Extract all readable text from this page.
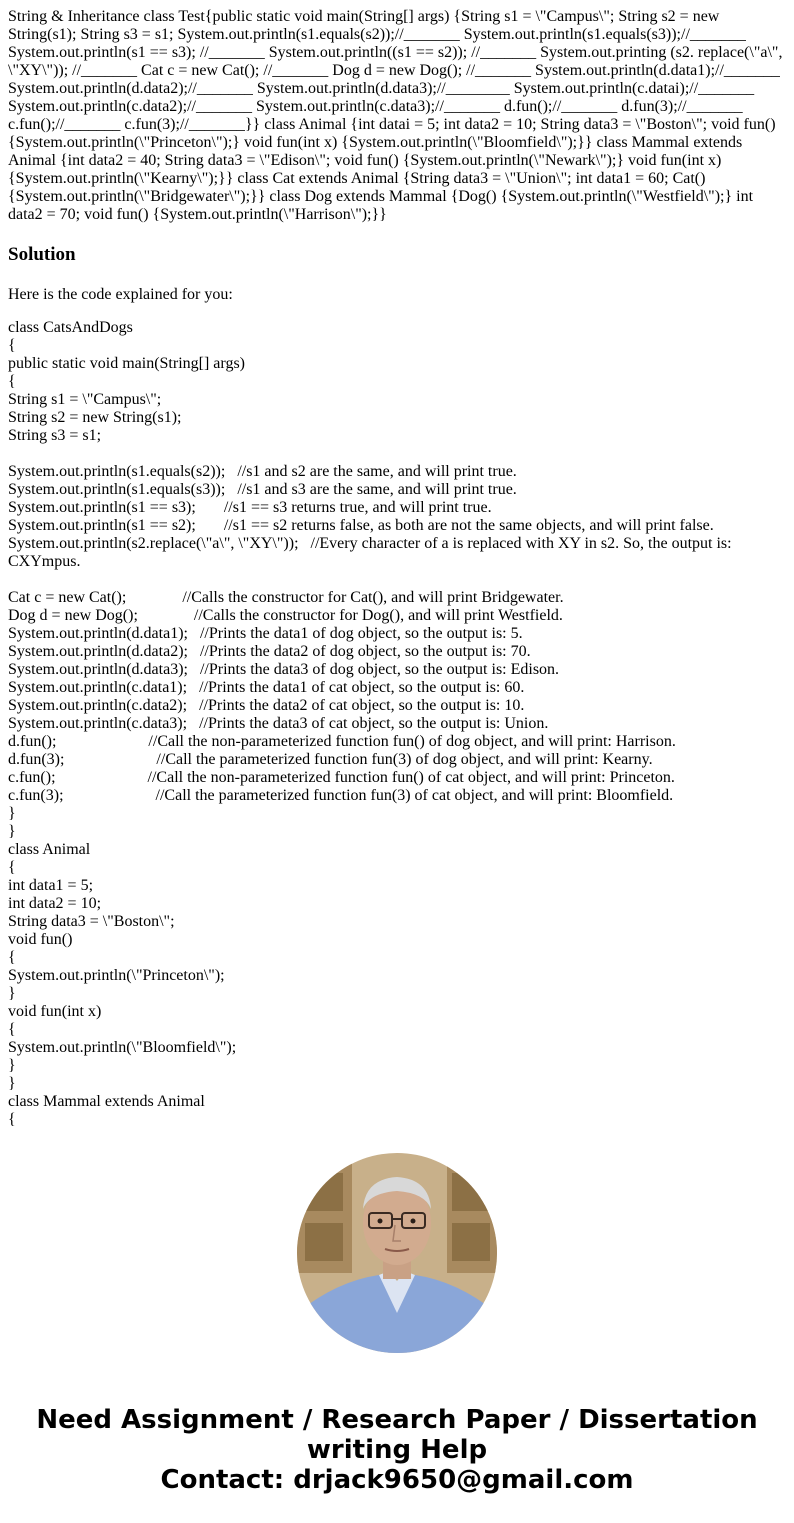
String & Inheritance class Test{public static void main(String[] args) {String s1 = \"Campus\"; String s2 = new String(s1); String s3 = s1; System.out.println(s1.equals(s2));//_______ System.out.println(s1.equals(s3));//_______ System.out.println(s1 == s3); //_______ System.out.println((s1 == s2)); //_______ System.out.printing (s2. replace(\"a\", \"XY\")); //_______ Cat c = new Cat(); //_______ Dog d = new Dog(); //_______ System.out.println(d.data1);//_______ System.out.println(d.data2);//_______ System.out.println(d.data3);//________ System.out.println(c.datai);//_______ System.out.println(c.data2);//_______ System.out.println(c.data3);//_______ d.fun();//_______ d.fun(3);//_______ c.fun();//_______ c.fun(3);//_______}} class Animal {int datai = 5; int data2 = 10; String data3 = \"Boston\"; void fun() {System.out.println(\"Princeton\");} void fun(int x) {System.out.println(\"Bloomfield\");}} class Mammal extends Animal {int data2 = 40; String data3 = \"Edison\"; void fun() {System.out.println(\"Newark\");} void fun(int x) {System.out.println(\"Kearny\");}} class Cat extends Animal {String data3 = \"Union\"; int data1 = 60; Cat() {System.out.println(\"Bridgewater\");}} class Dog extends Mammal {Dog() {System.out.println(\"Westfield\");} int data2 = 70; void fun() {System.out.println(\"Harrison\");}}
Solution
Here is the code explained for you:
class CatsAndDogs
{
public static void main(String[] args)
{
String s1 = \"Campus\";
String s2 = new String(s1);
String s3 = s1;
System.out.println(s1.equals(s2));   //s1 and s2 are the same, and will print true.
System.out.println(s1.equals(s3));   //s1 and s3 are the same, and will print true.
System.out.println(s1 == s3);       //s1 == s3 returns true, and will print true.
System.out.println(s1 == s2);       //s1 == s2 returns false, as both are not the same objects, and will print false.
System.out.println(s2.replace(\"a\", \"XY\"));   //Every character of a is replaced with XY in s2. So, the output is: CXYmpus.
Cat c = new Cat();              //Calls the constructor for Cat(), and will print Bridgewater.
Dog d = new Dog();              //Calls the constructor for Dog(), and will print Westfield.
System.out.println(d.data1);   //Prints the data1 of dog object, so the output is: 5.
System.out.println(d.data2);   //Prints the data2 of dog object, so the output is: 70.
System.out.println(d.data3);   //Prints the data3 of dog object, so the output is: Edison.
System.out.println(c.data1);   //Prints the data1 of cat object, so the output is: 60.
System.out.println(c.data2);   //Prints the data2 of cat object, so the output is: 10.
System.out.println(c.data3);   //Prints the data3 of cat object, so the output is: Union.
d.fun();                       //Call the non-parameterized function fun() of dog object, and will print: Harrison.
d.fun(3);                       //Call the parameterized function fun(3) of dog object, and will print: Kearny.
c.fun();                       //Call the non-parameterized function fun() of cat object, and will print: Princeton.
c.fun(3);                       //Call the parameterized function fun(3) of cat object, and will print: Bloomfield.
}
}
class Animal
{
int data1 = 5;
int data2 = 10;
String data3 = \"Boston\";
void fun()
{
System.out.println(\"Princeton\");
}
void fun(int x)
{
System.out.println(\"Bloomfield\");
}
}
class Mammal extends Animal
{
Need Assignment / Research Paper / Dissertation
writing Help
Contact: drjack9650@gmail.com
